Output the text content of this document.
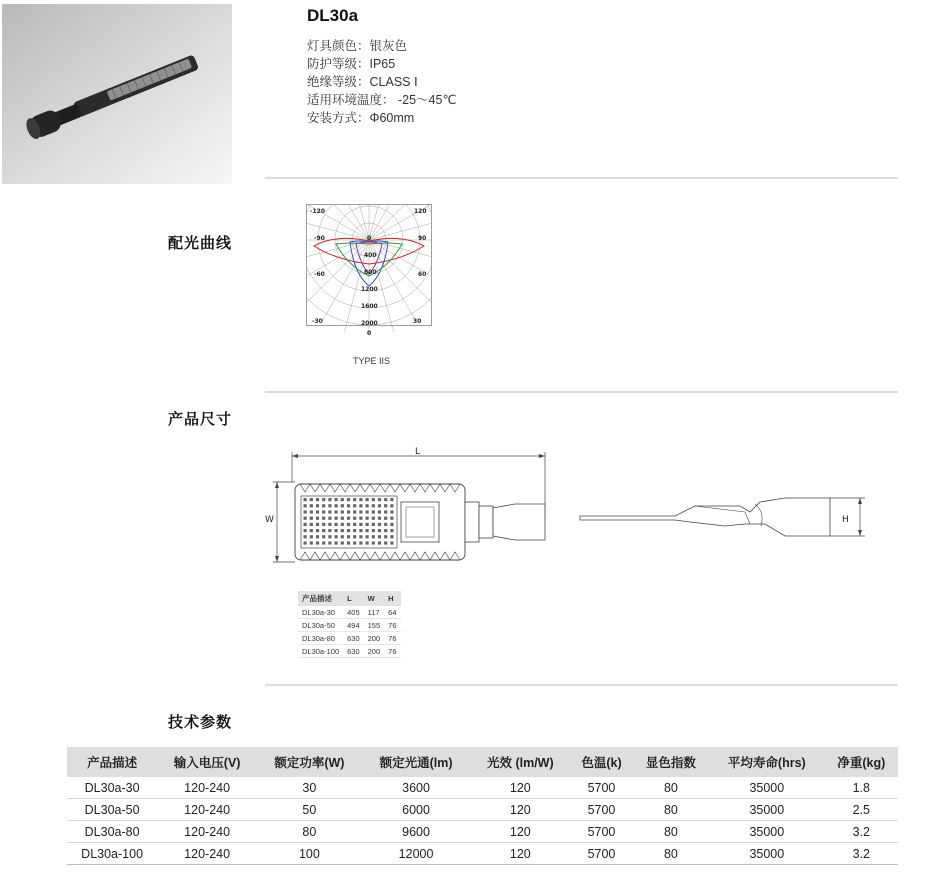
DL30a
灯具颜色：银灰色
防护等级：IP65
绝缘等级：CLASS Ⅰ
适用环境温度： -25～45℃
安装方式：Φ60mm
配光曲线
-120	120
-90	90
-60	60
-30	30
0
0
400
800
1200
1600
2000
TYPE IIS
产品尺寸
L
W	H
产品描述	L	W	H
DL30a-30	405	117	64
DL30a-50	494	155	76
DL30a-80	630	200	76
DL30a-100	630	200	76
技术参数
产品描述	输入电压(V)	额定功率(W)	额定光通(lm)	光效 (lm/W)	色温(k)	显色指数	平均寿命(hrs)	净重(kg)
DL30a-30	120-240	30	3600	120	5700	80	35000	1.8
DL30a-50	120-240	50	6000	120	5700	80	35000	2.5
DL30a-80	120-240	80	9600	120	5700	80	35000	3.2
DL30a-100	120-240	100	12000	120	5700	80	35000	3.2
